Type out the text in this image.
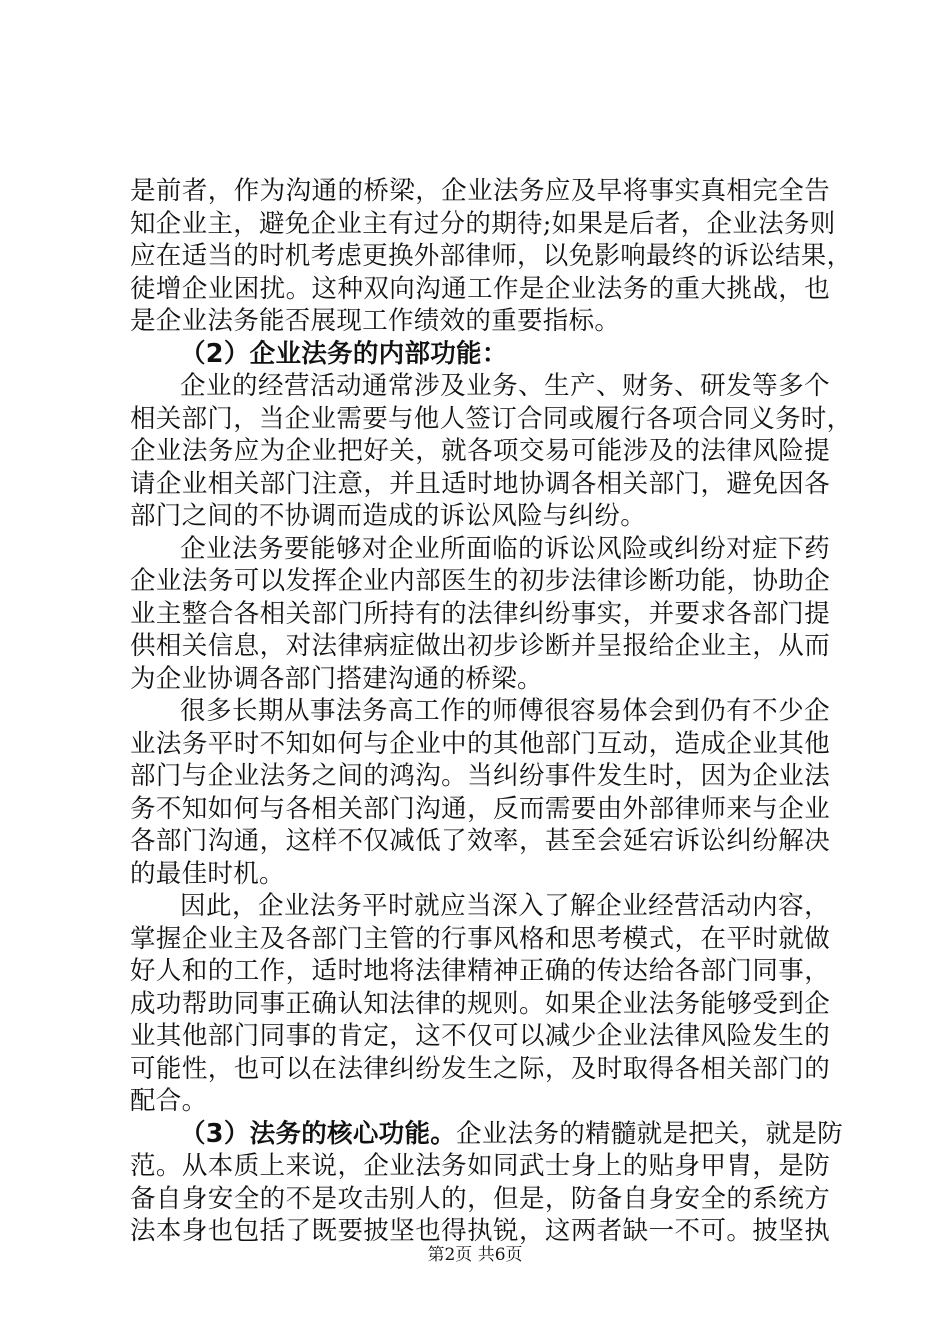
是前者，作为沟通的桥梁，企业法务应及早将事实真相完全告
知企业主，避免企业主有过分的期待;如果是后者，企业法务则
应在适当的时机考虑更换外部律师，以免影响最终的诉讼结果，
徒增企业困扰。这种双向沟通工作是企业法务的重大挑战，也
是企业法务能否展现工作绩效的重要指标。
（2）企业法务的内部功能：
企业的经营活动通常涉及业务、生产、财务、研发等多个
相关部门，当企业需要与他人签订合同或履行各项合同义务时，
企业法务应为企业把好关，就各项交易可能涉及的法律风险提
请企业相关部门注意，并且适时地协调各相关部门，避免因各
部门之间的不协调而造成的诉讼风险与纠纷。
企业法务要能够对企业所面临的诉讼风险或纠纷对症下药
企业法务可以发挥企业内部医生的初步法律诊断功能，协助企
业主整合各相关部门所持有的法律纠纷事实，并要求各部门提
供相关信息，对法律病症做出初步诊断并呈报给企业主，从而
为企业协调各部门搭建沟通的桥梁。
很多长期从事法务高工作的师傅很容易体会到仍有不少企
业法务平时不知如何与企业中的其他部门互动，造成企业其他
部门与企业法务之间的鸿沟。当纠纷事件发生时，因为企业法
务不知如何与各相关部门沟通，反而需要由外部律师来与企业
各部门沟通，这样不仅减低了效率，甚至会延宕诉讼纠纷解决
的最佳时机。
因此，企业法务平时就应当深入了解企业经营活动内容，
掌握企业主及各部门主管的行事风格和思考模式，在平时就做
好人和的工作，适时地将法律精神正确的传达给各部门同事，
成功帮助同事正确认知法律的规则。如果企业法务能够受到企
业其他部门同事的肯定，这不仅可以减少企业法律风险发生的
可能性，也可以在法律纠纷发生之际，及时取得各相关部门的
配合。
（3）法务的核心功能。企业法务的精髓就是把关，就是防
范。从本质上来说，企业法务如同武士身上的贴身甲胄，是防
备自身安全的不是攻击别人的，但是，防备自身安全的系统方
法本身也包括了既要披坚也得执锐，这两者缺一不可。披坚执
第2页 共6页
